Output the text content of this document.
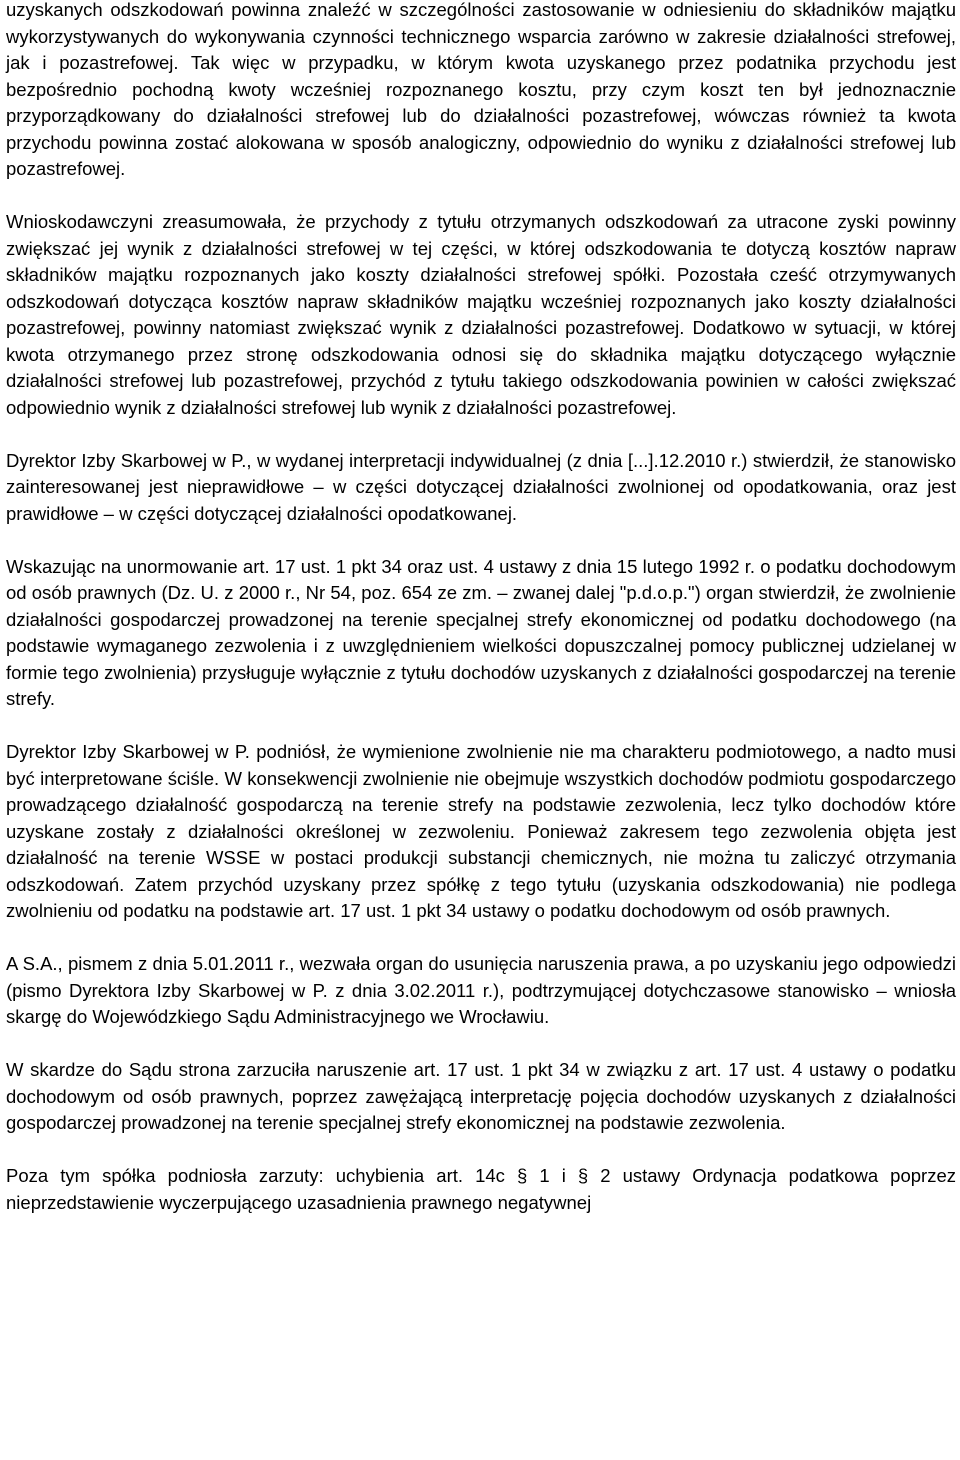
uzyskanych odszkodowań powinna znaleźć w szczególności zastosowanie w odniesieniu do składników majątku wykorzystywanych do wykonywania czynności technicznego wsparcia zarówno w zakresie działalności strefowej, jak i pozastrefowej. Tak więc w przypadku, w którym kwota uzyskanego przez podatnika przychodu jest bezpośrednio pochodną kwoty wcześniej rozpoznanego kosztu, przy czym koszt ten był jednoznacznie przyporządkowany do działalności strefowej lub do działalności pozastrefowej, wówczas również ta kwota przychodu powinna zostać alokowana w sposób analogiczny, odpowiednio do wyniku z działalności strefowej lub pozastrefowej.

Wnioskodawczyni zreasumowała, że przychody z tytułu otrzymanych odszkodowań za utracone zyski powinny zwiększać jej wynik z działalności strefowej w tej części, w której odszkodowania te dotyczą kosztów napraw składników majątku rozpoznanych jako koszty działalności strefowej spółki. Pozostała cześć otrzymywanych odszkodowań dotycząca kosztów napraw składników majątku wcześniej rozpoznanych jako koszty działalności pozastrefowej, powinny natomiast zwiększać wynik z działalności pozastrefowej. Dodatkowo w sytuacji, w której kwota otrzymanego przez stronę odszkodowania odnosi się do składnika majątku dotyczącego wyłącznie działalności strefowej lub pozastrefowej, przychód z tytułu takiego odszkodowania powinien w całości zwiększać odpowiednio wynik z działalności strefowej lub wynik z działalności pozastrefowej.

Dyrektor Izby Skarbowej w P., w wydanej interpretacji indywidualnej (z dnia [...].12.2010 r.) stwierdził, że stanowisko zainteresowanej jest nieprawidłowe – w części dotyczącej działalności zwolnionej od opodatkowania, oraz jest prawidłowe – w części dotyczącej działalności opodatkowanej.

Wskazując na unormowanie art. 17 ust. 1 pkt 34 oraz ust. 4 ustawy z dnia 15 lutego 1992 r. o podatku dochodowym od osób prawnych (Dz. U. z 2000 r., Nr 54, poz. 654 ze zm. – zwanej dalej "p.d.o.p.") organ stwierdził, że zwolnienie działalności gospodarczej prowadzonej na terenie specjalnej strefy ekonomicznej od podatku dochodowego (na podstawie wymaganego zezwolenia i z uwzględnieniem wielkości dopuszczalnej pomocy publicznej udzielanej w formie tego zwolnienia) przysługuje wyłącznie z tytułu dochodów uzyskanych z działalności gospodarczej na terenie strefy.

Dyrektor Izby Skarbowej w P. podniósł, że wymienione zwolnienie nie ma charakteru podmiotowego, a nadto musi być interpretowane ściśle. W konsekwencji zwolnienie nie obejmuje wszystkich dochodów podmiotu gospodarczego prowadzącego działalność gospodarczą na terenie strefy na podstawie zezwolenia, lecz tylko dochodów które uzyskane zostały z działalności określonej w zezwoleniu. Ponieważ zakresem tego zezwolenia objęta jest działalność na terenie WSSE w postaci produkcji substancji chemicznych, nie można tu zaliczyć otrzymania odszkodowań. Zatem przychód uzyskany przez spółkę z tego tytułu (uzyskania odszkodowania) nie podlega zwolnieniu od podatku na podstawie art. 17 ust. 1 pkt 34 ustawy o podatku dochodowym od osób prawnych.

A S.A., pismem z dnia 5.01.2011 r., wezwała organ do usunięcia naruszenia prawa, a po uzyskaniu jego odpowiedzi (pismo Dyrektora Izby Skarbowej w P. z dnia 3.02.2011 r.), podtrzymującej dotychczasowe stanowisko – wniosła skargę do Wojewódzkiego Sądu Administracyjnego we Wrocławiu.

W skardze do Sądu strona zarzuciła naruszenie art. 17 ust. 1 pkt 34 w związku z art. 17 ust. 4 ustawy o podatku dochodowym od osób prawnych, poprzez zawężającą interpretację pojęcia dochodów uzyskanych z działalności gospodarczej prowadzonej na terenie specjalnej strefy ekonomicznej na podstawie zezwolenia.

Poza tym spółka podniosła zarzuty: uchybienia art. 14c § 1 i § 2 ustawy Ordynacja podatkowa poprzez nieprzedstawienie wyczerpującego uzasadnienia prawnego negatywnej
